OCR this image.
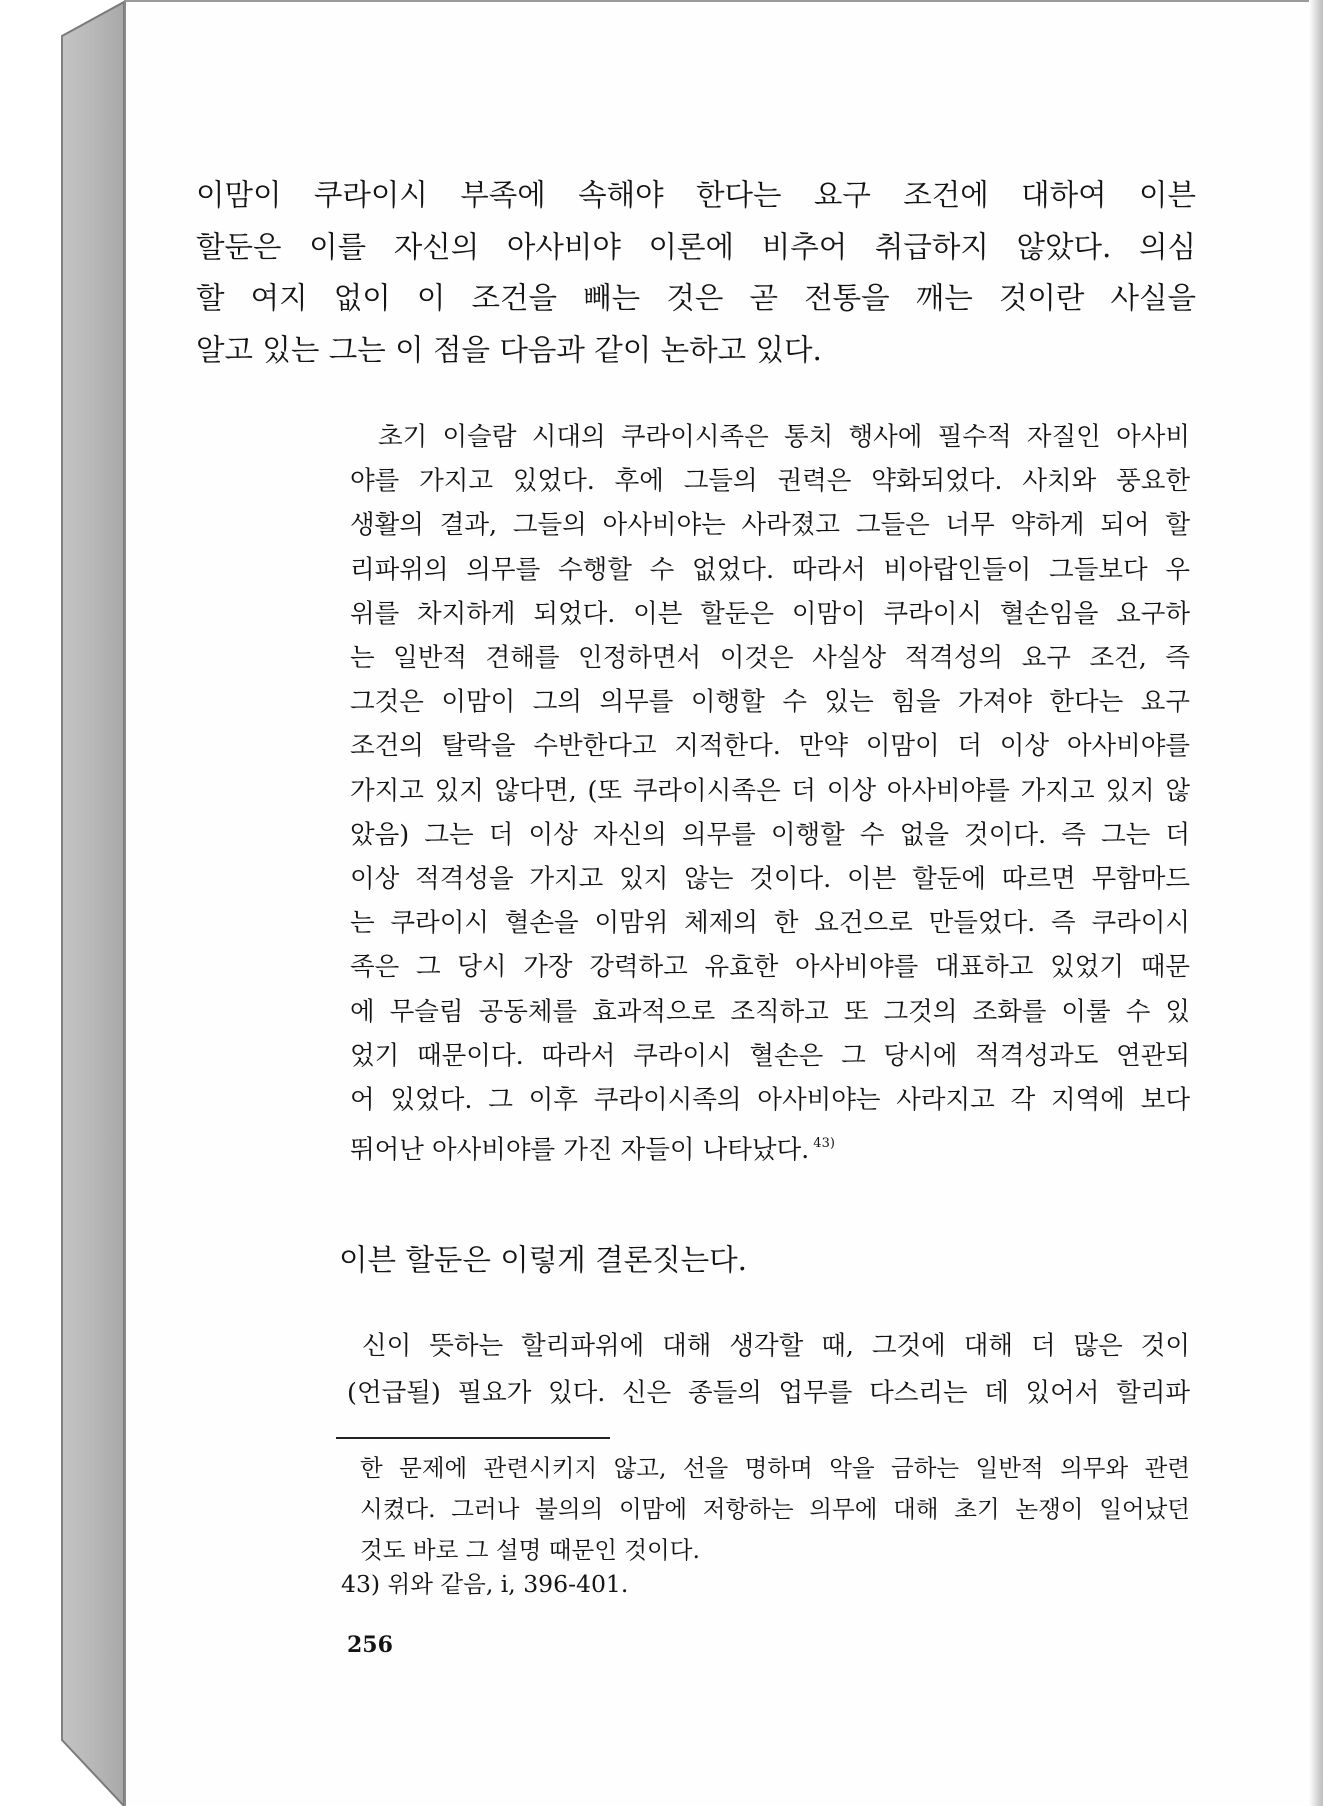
이맘이 쿠라이시 부족에 속해야 한다는 요구 조건에 대하여 이븐
할둔은 이를 자신의 아사비야 이론에 비추어 취급하지 않았다. 의심
할 여지 없이 이 조건을 빼는 것은 곧 전통을 깨는 것이란 사실을
알고 있는 그는 이 점을 다음과 같이 논하고 있다.
초기 이슬람 시대의 쿠라이시족은 통치 행사에 필수적 자질인 아사비
야를 가지고 있었다. 후에 그들의 권력은 약화되었다. 사치와 풍요한
생활의 결과, 그들의 아사비야는 사라졌고 그들은 너무 약하게 되어 할
리파위의 의무를 수행할 수 없었다. 따라서 비아랍인들이 그들보다 우
위를 차지하게 되었다. 이븐 할둔은 이맘이 쿠라이시 혈손임을 요구하
는 일반적 견해를 인정하면서 이것은 사실상 적격성의 요구 조건, 즉
그것은 이맘이 그의 의무를 이행할 수 있는 힘을 가져야 한다는 요구
조건의 탈락을 수반한다고 지적한다. 만약 이맘이 더 이상 아사비야를
가지고 있지 않다면, (또 쿠라이시족은 더 이상 아사비야를 가지고 있지 않
았음) 그는 더 이상 자신의 의무를 이행할 수 없을 것이다. 즉 그는 더
이상 적격성을 가지고 있지 않는 것이다. 이븐 할둔에 따르면 무함마드
는 쿠라이시 혈손을 이맘위 체제의 한 요건으로 만들었다. 즉 쿠라이시
족은 그 당시 가장 강력하고 유효한 아사비야를 대표하고 있었기 때문
에 무슬림 공동체를 효과적으로 조직하고 또 그것의 조화를 이룰 수 있
었기 때문이다. 따라서 쿠라이시 혈손은 그 당시에 적격성과도 연관되
어 있었다. 그 이후 쿠라이시족의 아사비야는 사라지고 각 지역에 보다
뛰어난 아사비야를 가진 자들이 나타났다. $^{43)}$
이븐 할둔은 이렇게 결론짓는다.
신이 뜻하는 할리파위에 대해 생각할 때, 그것에 대해 더 많은 것이
(언급될) 필요가 있다. 신은 종들의 업무를 다스리는 데 있어서 할리파
한 문제에 관련시키지 않고, 선을 명하며 악을 금하는 일반적 의무와 관련
시켰다. 그러나 불의의 이맘에 저항하는 의무에 대해 초기 논쟁이 일어났던
것도 바로 그 설명 때문인 것이다.
43) 위와 같음, i, 396-401.
256
